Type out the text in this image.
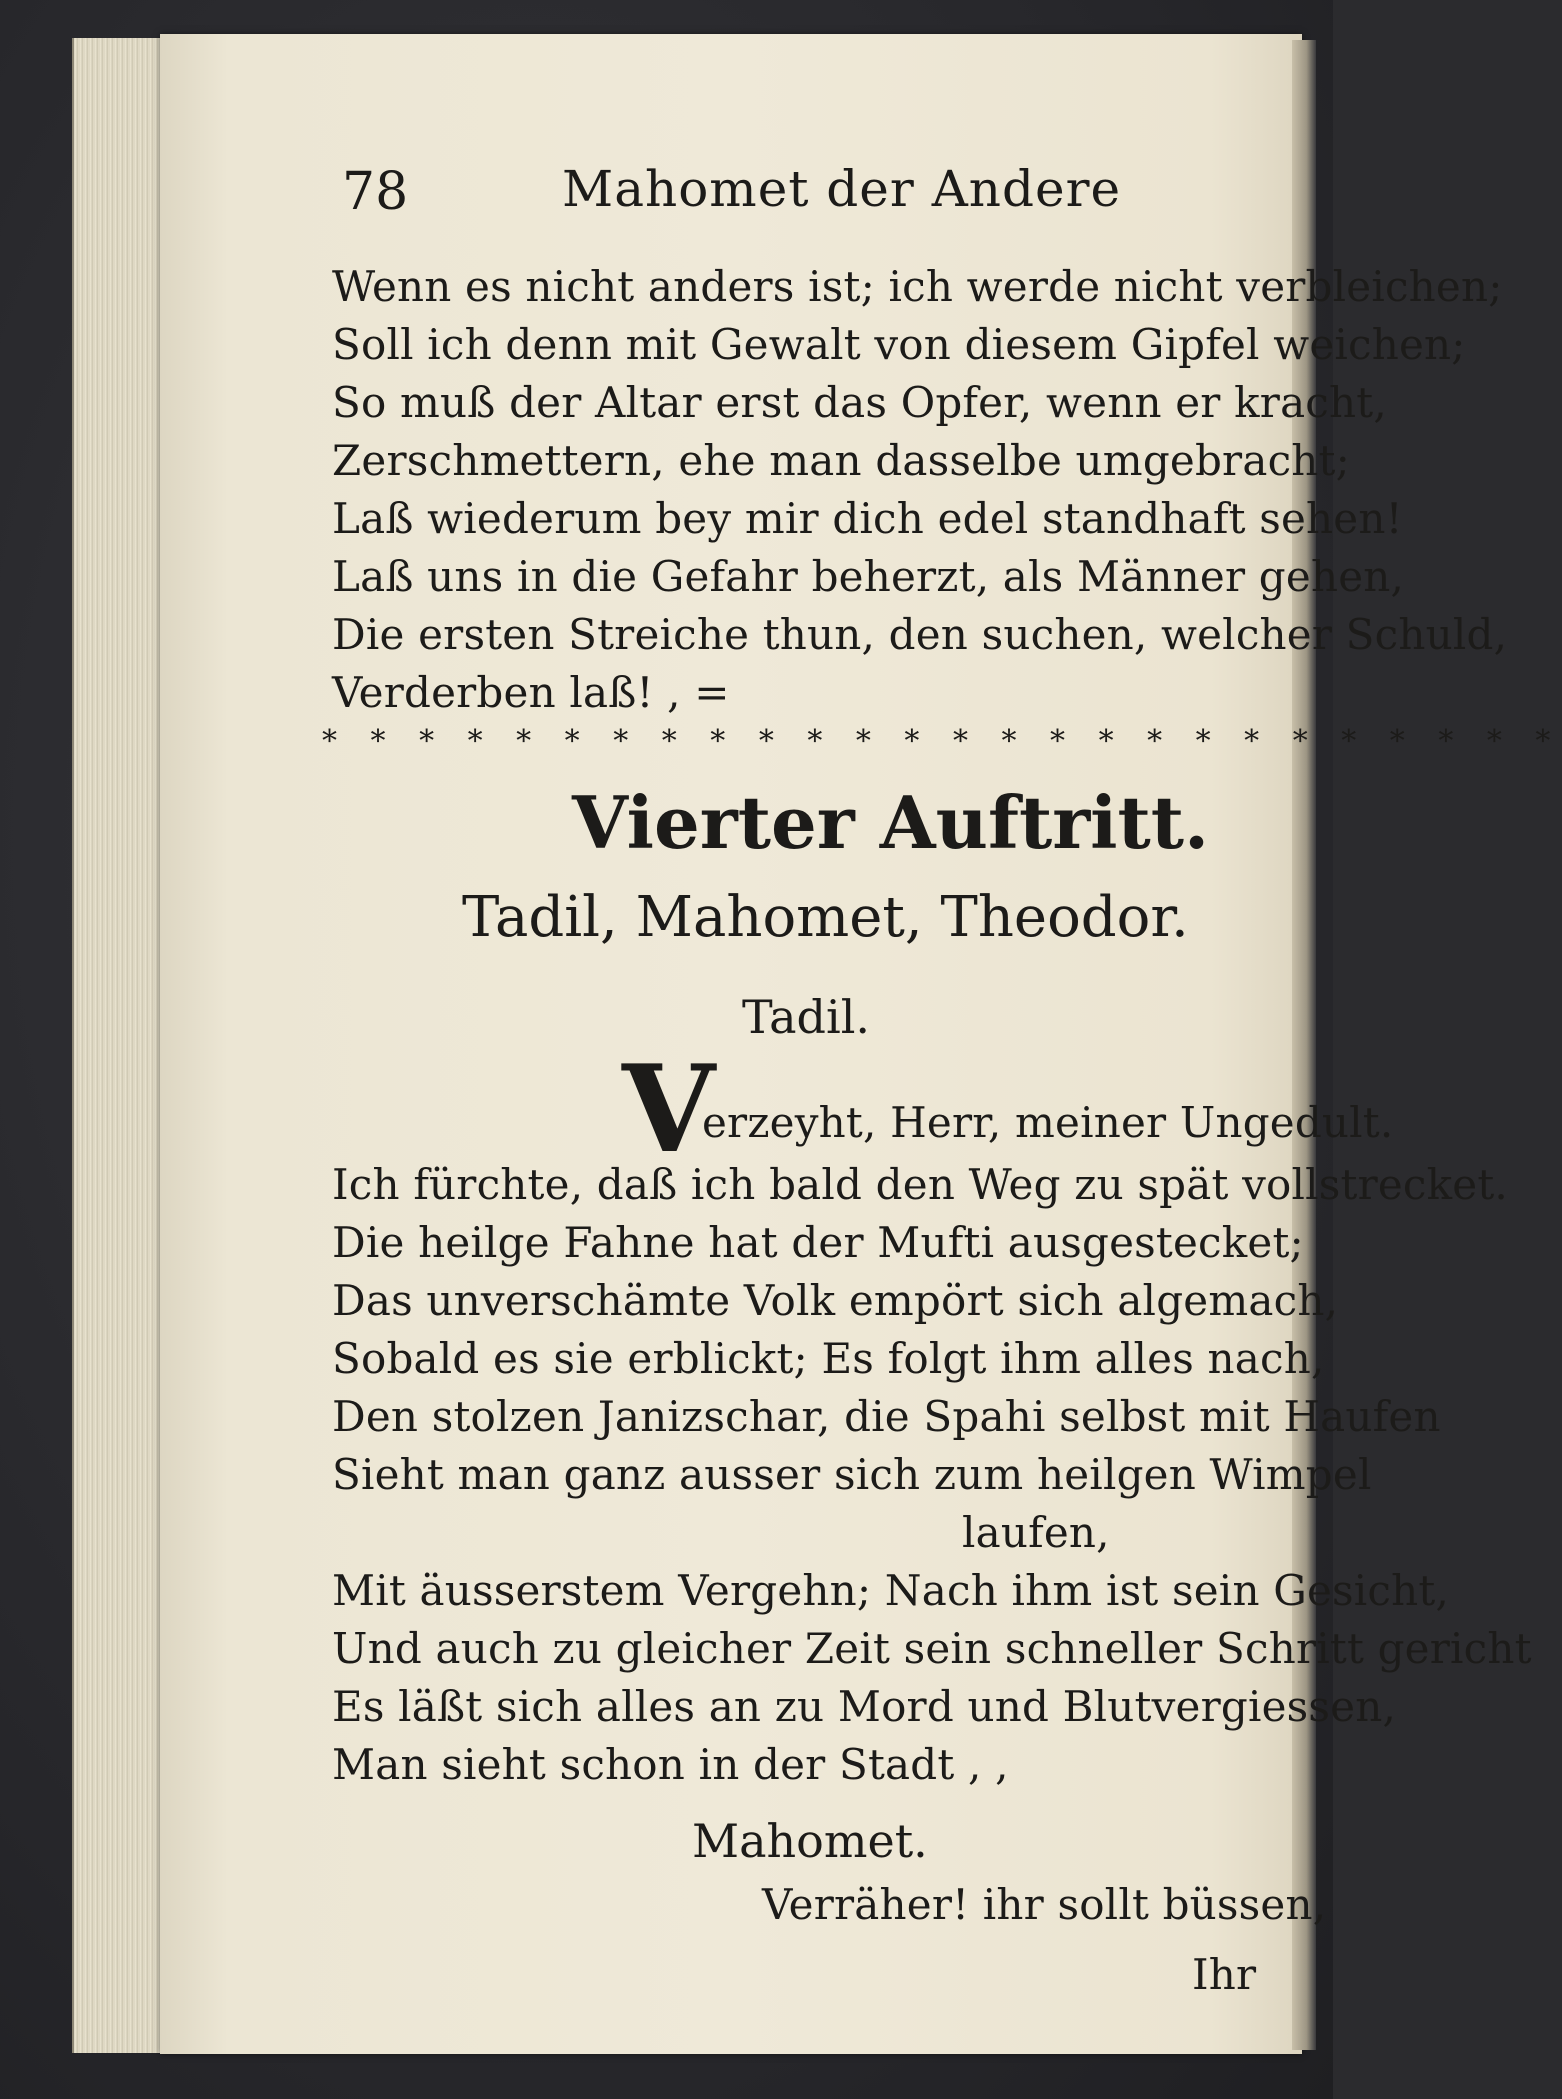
78	Mahomet der Andere
Wenn es nicht anders ist; ich werde nicht verbleichen;
Soll ich denn mit Gewalt von diesem Gipfel weichen;
So muß der Altar erst das Opfer, wenn er kracht,
Zerschmettern, ehe man dasselbe umgebracht;
Laß wiederum bey mir dich edel standhaft sehen!
Laß uns in die Gefahr beherzt, als Männer gehen,
Die ersten Streiche thun, den suchen, welcher Schuld,
Verderben laß! , =
* * * * * * * * * * * * * * * * * * * * * * * * * *
Vierter Auftritt.
Tadil, Mahomet, Theodor.
Tadil.
V
erzeyht, Herr, meiner Ungedult.
Ich fürchte, daß ich bald den Weg zu spät vollstrecket.
Die heilge Fahne hat der Mufti ausgestecket;
Das unverschämte Volk empört sich algemach,
Sobald es sie erblickt; Es folgt ihm alles nach,
Den stolzen Janizschar, die Spahi selbst mit Haufen
Sieht man ganz ausser sich zum heilgen Wimpel
laufen,
Mit äusserstem Vergehn; Nach ihm ist sein Gesicht,
Und auch zu gleicher Zeit sein schneller Schritt gericht
Es läßt sich alles an zu Mord und Blutvergiessen,
Man sieht schon in der Stadt , ,
Mahomet.
Verräher! ihr sollt büssen,
Ihr
